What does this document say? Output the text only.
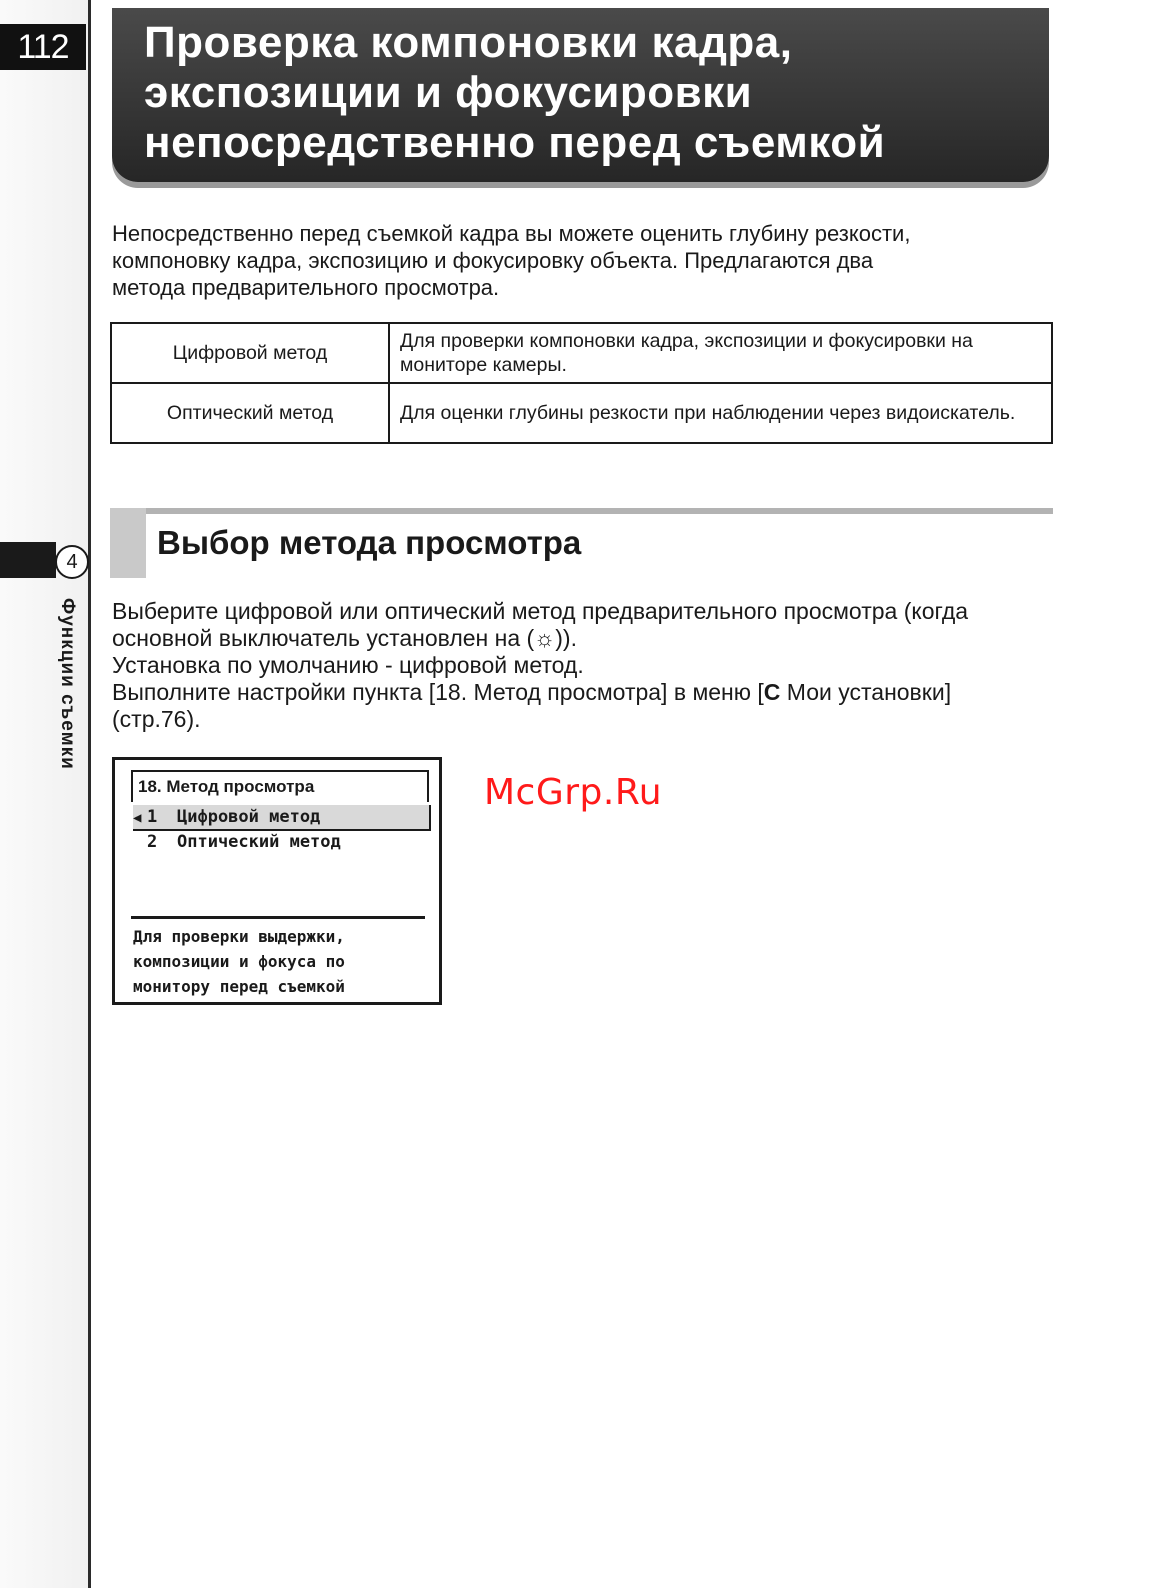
112	Проверка компоновки кадра,
экспозиции и фокусировки
непосредственно перед съемкой
Непосредственно перед съемкой кадра вы можете оценить глубину резкости,
компоновку кадра, экспозицию и фокусировку объекта. Предлагаются два
метода предварительного просмотра.
Цифровой метод	Для проверки компоновки кадра, экспозиции и фокусировки на мониторе камеры.
Оптический метод	Для оценки глубины резкости при наблюдении через видоискатель.
4
Функции съемки
Выбор метода просмотра
Выберите цифровой или оптический метод предварительного просмотра (когда
основной выключатель установлен на (☼)).
Установка по умолчанию - цифровой метод.
Выполните настройки пункта [18. Метод просмотра] в меню [C Мои установки]
(стр.76).
18. Метод просмотра
◀ 1 Цифровой метод
2 Оптический метод
Для проверки выдержки,
композиции и фокуса по
монитору перед съемкой
McGrp.Ru
